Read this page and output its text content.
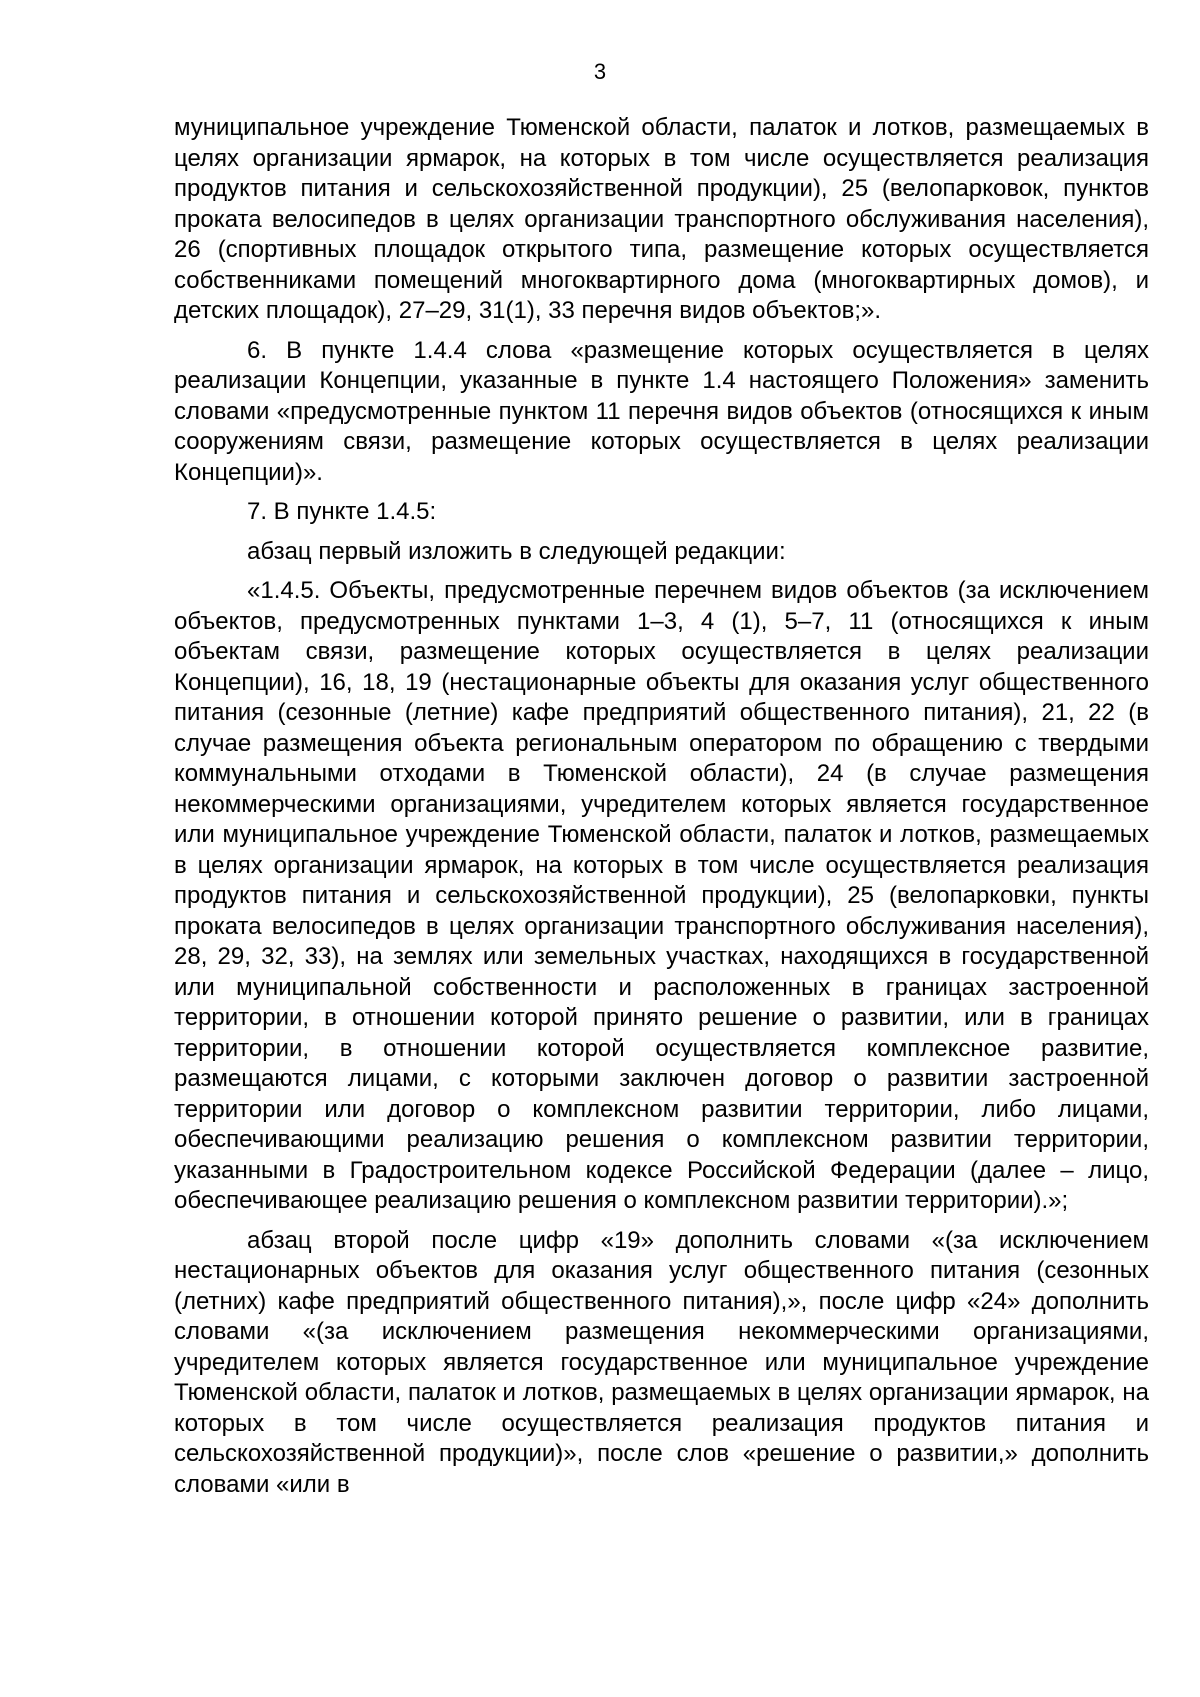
3

муниципальное учреждение Тюменской области, палаток и лотков, размещаемых в целях организации ярмарок, на которых в том числе осуществляется реализация продуктов питания и сельскохозяйственной продукции), 25 (велопарковок, пунктов проката велосипедов в целях организации транспортного обслуживания населения), 26 (спортивных площадок открытого типа, размещение которых осуществляется собственниками помещений многоквартирного дома (многоквартирных домов), и детских площадок), 27–29, 31(1), 33 перечня видов объектов;».

6. В пункте 1.4.4 слова «размещение которых осуществляется в целях реализации Концепции, указанные в пункте 1.4 настоящего Положения» заменить словами «предусмотренные пунктом 11 перечня видов объектов (относящихся к иным сооружениям связи, размещение которых осуществляется в целях реализации Концепции)».

7. В пункте 1.4.5:

абзац первый изложить в следующей редакции:

«1.4.5. Объекты, предусмотренные перечнем видов объектов (за исключением объектов, предусмотренных пунктами 1–3, 4 (1), 5–7, 11 (относящихся к иным объектам связи, размещение которых осуществляется в целях реализации Концепции), 16, 18, 19 (нестационарные объекты для оказания услуг общественного питания (сезонные (летние) кафе предприятий общественного питания), 21, 22 (в случае размещения объекта региональным оператором по обращению с твердыми коммунальными отходами в Тюменской области), 24 (в случае размещения некоммерческими организациями, учредителем которых является государственное или муниципальное учреждение Тюменской области, палаток и лотков, размещаемых в целях организации ярмарок, на которых в том числе осуществляется реализация продуктов питания и сельскохозяйственной продукции), 25 (велопарковки, пункты проката велосипедов в целях организации транспортного обслуживания населения), 28, 29, 32, 33), на землях или земельных участках, находящихся в государственной или муниципальной собственности и расположенных в границах застроенной территории, в отношении которой принято решение о развитии, или в границах территории, в отношении которой осуществляется комплексное развитие, размещаются лицами, с которыми заключен договор о развитии застроенной территории или договор о комплексном развитии территории, либо лицами, обеспечивающими реализацию решения о комплексном развитии территории, указанными в Градостроительном кодексе Российской Федерации (далее – лицо, обеспечивающее реализацию решения о комплексном развитии территории).»;

абзац второй после цифр «19» дополнить словами «(за исключением нестационарных объектов для оказания услуг общественного питания (сезонных (летних) кафе предприятий общественного питания),», после цифр «24» дополнить словами «(за исключением размещения некоммерческими организациями, учредителем которых является государственное или муниципальное учреждение Тюменской области, палаток и лотков, размещаемых в целях организации ярмарок, на которых в том числе осуществляется реализация продуктов питания и сельскохозяйственной продукции)», после слов «решение о развитии,» дополнить словами «или в
